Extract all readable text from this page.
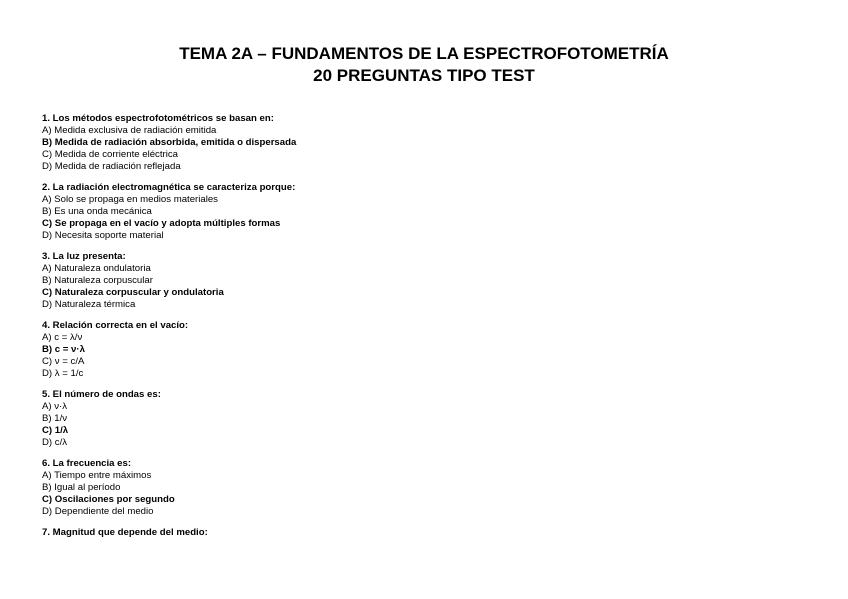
TEMA 2A – FUNDAMENTOS DE LA ESPECTROFOTOMETRÍA
20 PREGUNTAS TIPO TEST
1. Los métodos espectrofotométricos se basan en:
A) Medida exclusiva de radiación emitida
B) Medida de radiación absorbida, emitida o dispersada
C) Medida de corriente eléctrica
D) Medida de radiación reflejada
2. La radiación electromagnética se caracteriza porque:
A) Solo se propaga en medios materiales
B) Es una onda mecánica
C) Se propaga en el vacío y adopta múltiples formas
D) Necesita soporte material
3. La luz presenta:
A) Naturaleza ondulatoria
B) Naturaleza corpuscular
C) Naturaleza corpuscular y ondulatoria
D) Naturaleza térmica
4. Relación correcta en el vacío:
A) c = λ/ν
B) c = ν·λ
C) ν = c/A
D) λ = 1/c
5. El número de ondas es:
A) ν·λ
B) 1/ν
C) 1/λ
D) c/λ
6. La frecuencia es:
A) Tiempo entre máximos
B) Igual al período
C) Oscilaciones por segundo
D) Dependiente del medio
7. Magnitud que depende del medio:
